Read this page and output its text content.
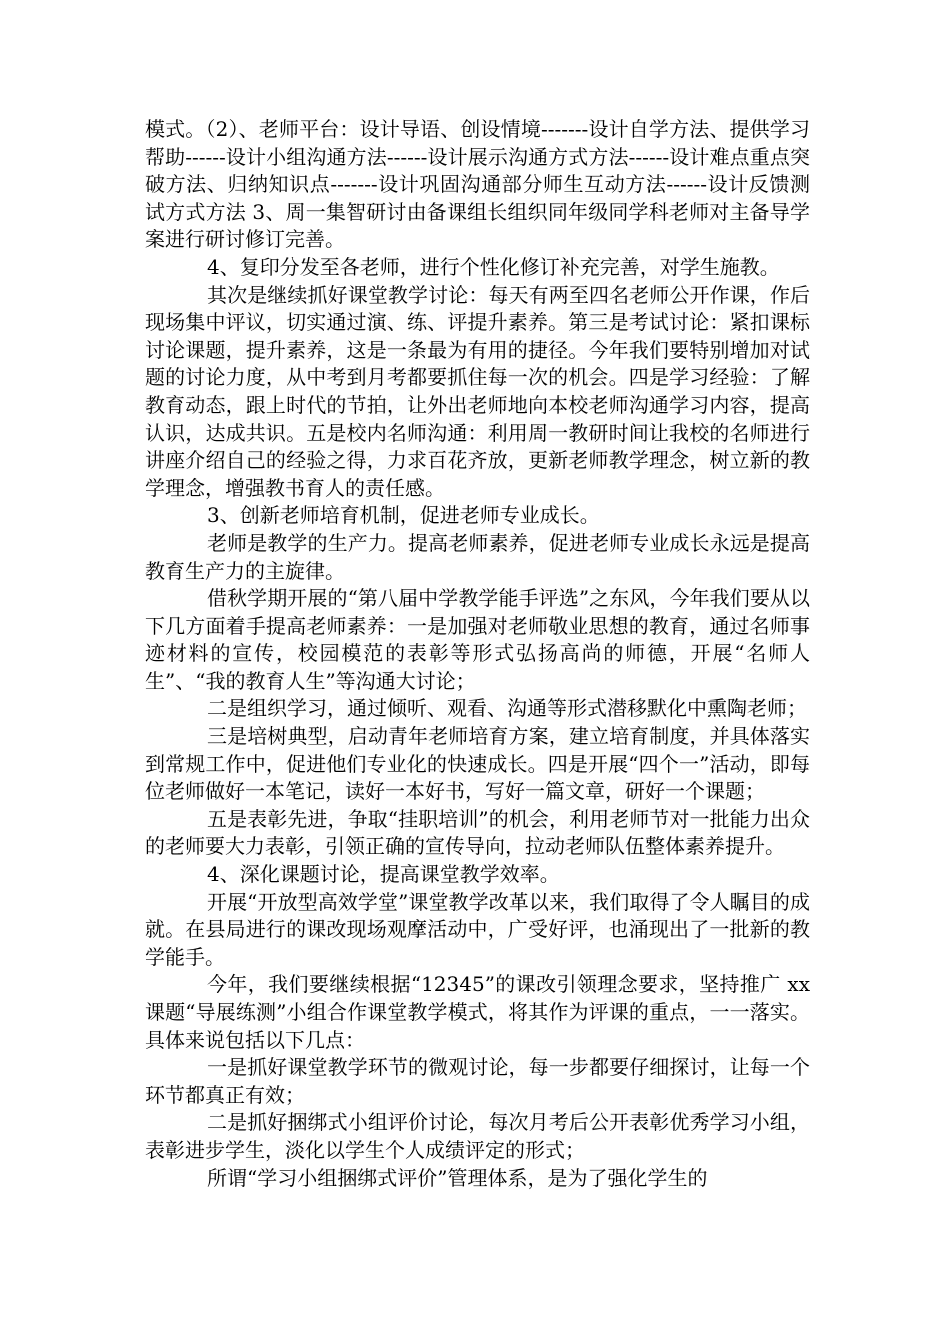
模式。（2）、老师平台：设计导语、创设情境-------设计自学方法、提供学习帮助------设计小组沟通方法------设计展示沟通方式方法------设计难点重点突破方法、归纳知识点-------设计巩固沟通部分师生互动方法------设计反馈测试方式方法 3、周一集智研讨由备课组长组织同年级同学科老师对主备导学案进行研讨修订完善。

4、复印分发至各老师，进行个性化修订补充完善，对学生施教。

其次是继续抓好课堂教学讨论：每天有两至四名老师公开作课，作后现场集中评议，切实通过演、练、评提升素养。第三是考试讨论：紧扣课标讨论课题，提升素养，这是一条最为有用的捷径。今年我们要特别增加对试题的讨论力度，从中考到月考都要抓住每一次的机会。四是学习经验：了解教育动态，跟上时代的节拍，让外出老师地向本校老师沟通学习内容，提高认识，达成共识。五是校内名师沟通：利用周一教研时间让我校的名师进行讲座介绍自己的经验之得，力求百花齐放，更新老师教学理念，树立新的教学理念，增强教书育人的责任感。

3、创新老师培育机制，促进老师专业成长。

老师是教学的生产力。提高老师素养，促进老师专业成长永远是提高教育生产力的主旋律。

借秋学期开展的“第八届中学教学能手评选”之东风，今年我们要从以下几方面着手提高老师素养：一是加强对老师敬业思想的教育，通过名师事迹材料的宣传，校园模范的表彰等形式弘扬高尚的师德，开展“名师人生”、“我的教育人生”等沟通大讨论；

二是组织学习，通过倾听、观看、沟通等形式潜移默化中熏陶老师；

三是培树典型，启动青年老师培育方案，建立培育制度，并具体落实到常规工作中，促进他们专业化的快速成长。四是开展“四个一”活动，即每位老师做好一本笔记，读好一本好书，写好一篇文章，研好一个课题；

五是表彰先进，争取“挂职培训”的机会，利用老师节对一批能力出众的老师要大力表彰，引领正确的宣传导向，拉动老师队伍整体素养提升。

4、深化课题讨论，提高课堂教学效率。

开展“开放型高效学堂”课堂教学改革以来，我们取得了令人瞩目的成就。在县局进行的课改现场观摩活动中，广受好评，也涌现出了一批新的教学能手。

今年，我们要继续根据“12345”的课改引领理念要求，坚持推广 xx 课题“导展练测”小组合作课堂教学模式，将其作为评课的重点，一一落实。具体来说包括以下几点：

一是抓好课堂教学环节的微观讨论，每一步都要仔细探讨，让每一个环节都真正有效；

二是抓好捆绑式小组评价讨论，每次月考后公开表彰优秀学习小组，表彰进步学生，淡化以学生个人成绩评定的形式；

所谓“学习小组捆绑式评价”管理体系，是为了强化学生的
